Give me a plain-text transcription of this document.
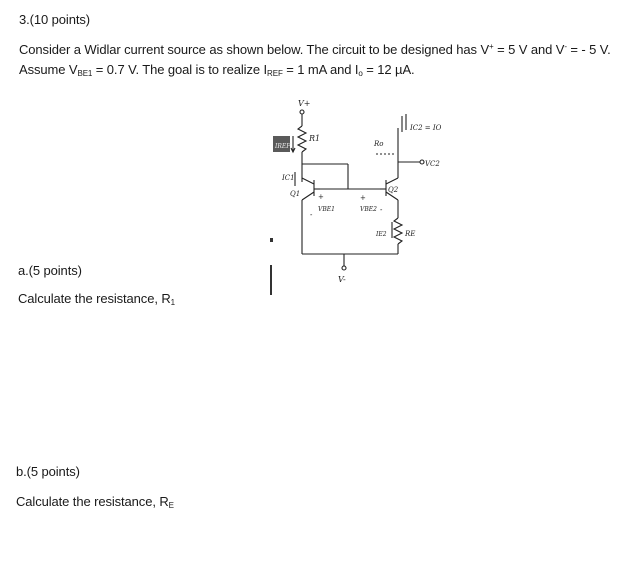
3.(10 points)
Consider a Widlar current source as shown below. The circuit to be designed has V+ = 5 V and V- = - 5 V.
Assume $V_{BE1} = 0.7$ V. The goal is to realize $I_{REF} = 1$ mA and $I_o = 12$ µA.
V+
R1
IREF
IC1
Q1	+
VBE1
-
Q2
+
VBE2 -
Ro
IC2 = IO
VC2
IE2	RE
V-
a.(5 points)
Calculate the resistance, $R_1$
b.(5 points)
Calculate the resistance, $R_E$
